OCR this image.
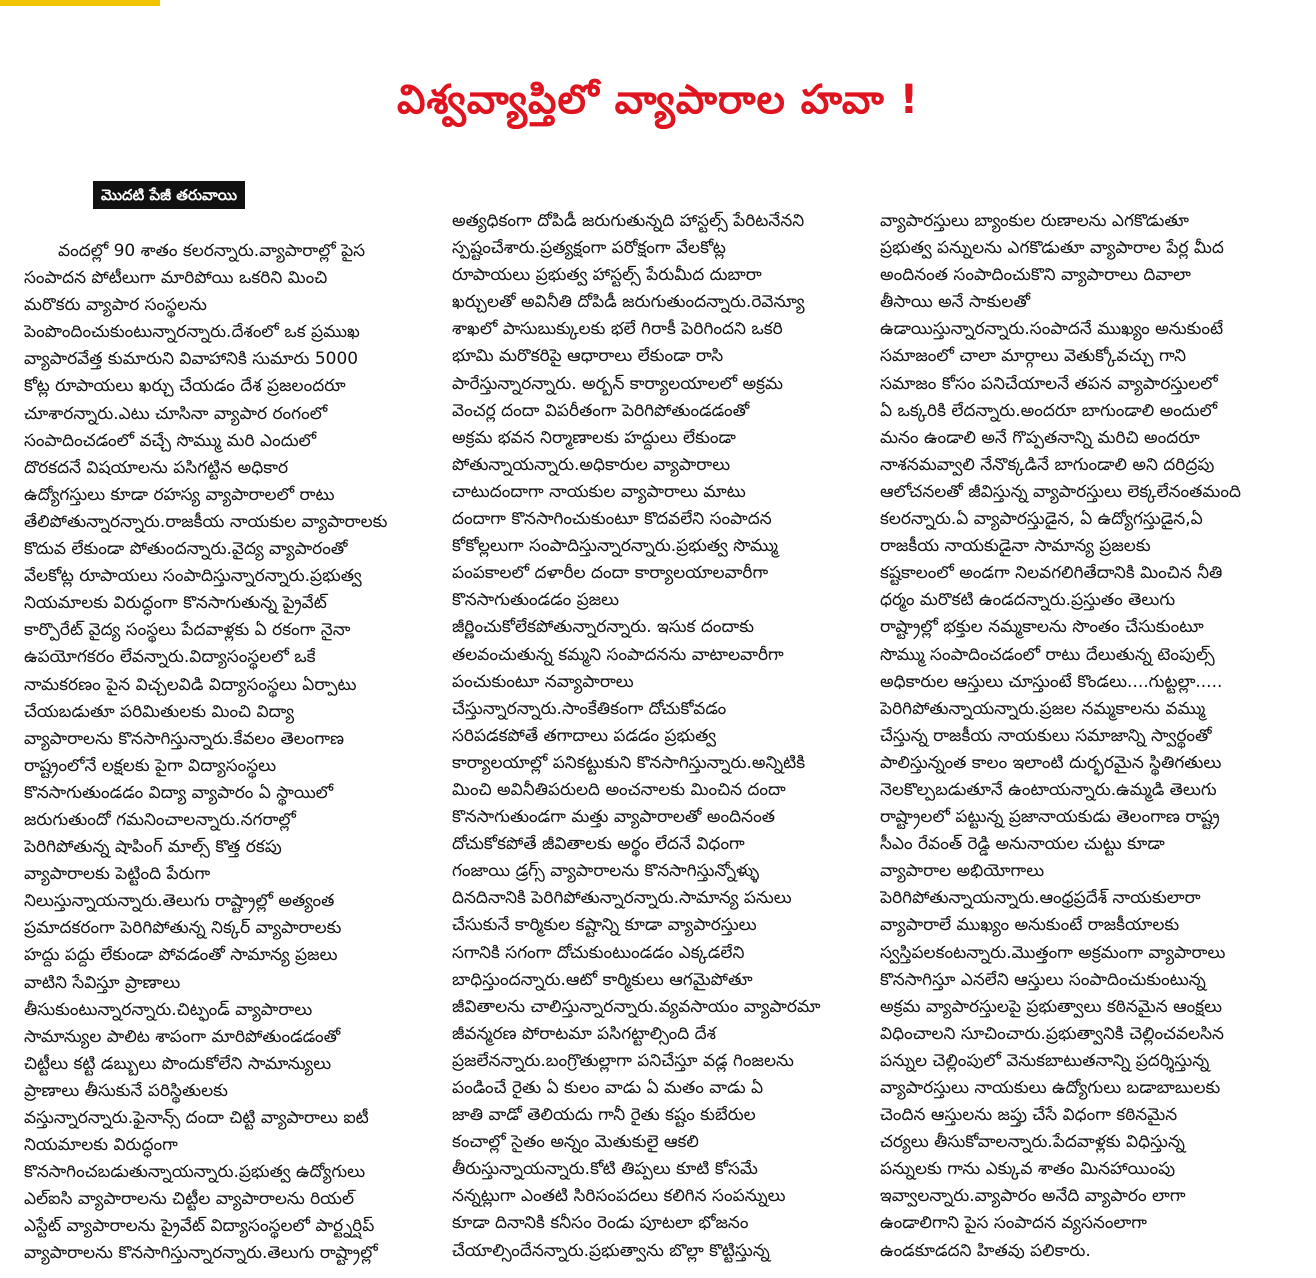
విశ్వవ్యాప్తిలో వ్యాపారాల హవా !
మొదటి పేజీ తరువాయి
వందల్లో 90 శాతం కలరన్నారు.వ్యాపారాల్లో పైస
సంపాదన పోటీలుగా మారిపోయి ఒకరిని మించి
మరొకరు వ్యాపార సంస్థలను
పెంపొందించుకుంటున్నారన్నారు.దేశంలో ఒక ప్రముఖ
వ్యాపారవేత్త కుమారుని వివాహానికి సుమారు 5000
కోట్ల రూపాయలు ఖర్చు చేయడం దేశ ప్రజలందరూ
చూశారన్నారు.ఎటు చూసినా వ్యాపార రంగంలో
సంపాదించడంలో వచ్చే సొమ్ము మరి ఎందులో
దొరకదనే విషయాలను పసిగట్టిన అధికార
ఉద్యోగస్తులు కూడా రహస్య వ్యాపారాలలో రాటు
తేలిపోతున్నారన్నారు.రాజకీయ నాయకుల వ్యాపారాలకు
కొదువ లేకుండా పోతుందన్నారు.వైద్య వ్యాపారంతో
వేలకోట్ల రూపాయలు సంపాదిస్తున్నారన్నారు.ప్రభుత్వ
నియమాలకు విరుద్ధంగా కొనసాగుతున్న ప్రైవేట్
కార్పొరేట్ వైద్య సంస్థలు పేదవాళ్లకు ఏ రకంగా నైనా
ఉపయోగకరం లేవన్నారు.విద్యాసంస్థలలో ఒకే
నామకరణం పైన విచ్చలవిడి విద్యాసంస్థలు ఏర్పాటు
చేయబడుతూ పరిమితులకు మించి విద్యా
వ్యాపారాలను కొనసాగిస్తున్నారు.కేవలం తెలంగాణ
రాష్ట్రంలోనే లక్షలకు పైగా విద్యాసంస్థలు
కొనసాగుతుండడం విద్యా వ్యాపారం ఏ స్థాయిలో
జరుగుతుందో గమనించాలన్నారు.నగరాల్లో
పెరిగిపోతున్న షాపింగ్ మాల్స్ కొత్త రకపు
వ్యాపారాలకు పెట్టింది పేరుగా
నిలుస్తున్నాయన్నారు.తెలుగు రాష్ట్రాల్లో అత్యంత
ప్రమాదకరంగా పెరిగిపోతున్న నిక్కర్ వ్యాపారాలకు
హద్దు పద్దు లేకుండా పోవడంతో సామాన్య ప్రజలు
వాటిని సేవిస్తూ ప్రాణాలు
తీసుకుంటున్నారన్నారు.చిట్ఫండ్ వ్యాపారాలు
సామాన్యుల పాలిట శాపంగా మారిపోతుండడంతో
చిట్టీలు కట్టి డబ్బులు పొందుకోలేని సామాన్యులు
ప్రాణాలు తీసుకునే పరిస్థితులకు
వస్తున్నారన్నారు.ఫైనాన్స్ దందా చిట్టి వ్యాపారాలు ఐటీ
నియమాలకు విరుద్ధంగా
కొనసాగించబడుతున్నాయన్నారు.ప్రభుత్వ ఉద్యోగులు
ఎల్ఐసి వ్యాపారాలను చిట్టీల వ్యాపారాలను రియల్
ఎస్టేట్ వ్యాపారాలను ప్రైవేట్ విద్యాసంస్థలలో పార్ట్నర్షిప్
వ్యాపారాలను కొనసాగిస్తున్నారన్నారు.తెలుగు రాష్ట్రాల్లో
అత్యధికంగా దోపిడీ జరుగుతున్నది హాస్టల్స్ పేరిటనేనని
స్పష్టంచేశారు.ప్రత్యక్షంగా పరోక్షంగా వేలకోట్ల
రూపాయలు ప్రభుత్వ హాస్టల్స్ పేరుమీద దుబారా
ఖర్చులతో అవినీతి దోపిడీ జరుగుతుందన్నారు.రెవెన్యూ
శాఖలో పాసుబుక్కులకు భలే గిరాకీ పెరిగిందని ఒకరి
భూమి మరొకరిపై ఆధారాలు లేకుండా రాసి
పారేస్తున్నారన్నారు. అర్బన్ కార్యాలయాలలో అక్రమ
వెంచర్ల దందా విపరీతంగా పెరిగిపోతుండడంతో
అక్రమ భవన నిర్మాణాలకు హద్దులు లేకుండా
పోతున్నాయన్నారు.అధికారుల వ్యాపారాలు
చాటుదందాగా నాయకుల వ్యాపారాలు మాటు
దందాగా కొనసాగించుకుంటూ కొదవలేని సంపాదన
కోకోల్లలుగా సంపాదిస్తున్నారన్నారు.ప్రభుత్వ సొమ్ము
పంపకాలలో దళారీల దందా కార్యాలయాలవారీగా
కొనసాగుతుండడం ప్రజలు
జీర్ణించుకోలేకపోతున్నారన్నారు. ఇసుక దందాకు
తలవంచుతున్న కమ్మని సంపాదనను వాటాలవారీగా
పంచుకుంటూ నవ్యాపారాలు
చేస్తున్నారన్నారు.సాంకేతికంగా దోచుకోవడం
సరిపడకపోతే తగాదాలు పడడం ప్రభుత్వ
కార్యాలయాల్లో పనికట్టుకుని కొనసాగిస్తున్నారు.అన్నిటికి
మించి అవినీతిపరులది అంచనాలకు మించిన దందా
కొనసాగుతుండగా మత్తు వ్యాపారాలతో అందినంత
దోచుకోకపోతే జీవితాలకు అర్థం లేదనే విధంగా
గంజాయి డ్రగ్స్ వ్యాపారాలను కొనసాగిస్తున్నోళ్ళు
దినదినానికి పెరిగిపోతున్నారన్నారు.సామాన్య పనులు
చేసుకునే కార్మికుల కష్టాన్ని కూడా వ్యాపారస్తులు
సగానికి సగంగా దోచుకుంటుండడం ఎక్కడలేని
బాధిస్తుందన్నారు.ఆటో కార్మికులు ఆగమైపోతూ
జీవితాలను చాలిస్తున్నారన్నారు.వ్యవసాయం వ్యాపారమా
జీవన్మరణ పోరాటమా పసిగట్టాల్సింది దేశ
ప్రజలేనన్నారు.బంగ్రొతుల్లాగా పనిచేస్తూ వడ్ల గింజలను
పండించే రైతు ఏ కులం వాడు ఏ మతం వాడు ఏ
జాతి వాడో తెలియదు గానీ రైతు కష్టం కుబేరుల
కంచాల్లో సైతం అన్నం మెతుకులై ఆకలి
తీరుస్తున్నాయన్నారు.కోటి తిప్పలు కూటి కోసమే
నన్నట్లుగా ఎంతటి సిరిసంపదలు కలిగిన సంపన్నులు
కూడా దినానికి కనీసం రెండు పూటలా భోజనం
చేయాల్సిందేనన్నారు.ప్రభుత్వాను బొల్లా కొట్టిస్తున్న
వ్యాపారస్తులు బ్యాంకుల రుణాలను ఎగకొడుతూ
ప్రభుత్వ పన్నులను ఎగకొడుతూ వ్యాపారాల పేర్ల మీద
అందినంత సంపాదించుకొని వ్యాపారాలు దివాలా
తీసాయి అనే సాకులతో
ఉడాయిస్తున్నారన్నారు.సంపాదనే ముఖ్యం అనుకుంటే
సమాజంలో చాలా మార్గాలు వెతుక్కోవచ్చు గాని
సమాజం కోసం పనిచేయాలనే తపన వ్యాపారస్తులలో
ఏ ఒక్కరికి లేదన్నారు.అందరూ బాగుండాలి అందులో
మనం ఉండాలి అనే గొప్పతనాన్ని మరిచి అందరూ
నాశనమవ్వాలి నేనొక్కడినే బాగుండాలి అని దరిద్రపు
ఆలోచనలతో జీవిస్తున్న వ్యాపారస్తులు లెక్కలేనంతమంది
కలరన్నారు.ఏ వ్యాపారస్తుడైన, ఏ ఉద్యోగస్తుడైన,ఏ
రాజకీయ నాయకుడైనా సామాన్య ప్రజలకు
కష్టకాలంలో అండగా నిలవగలిగితేదానికి మించిన నీతి
ధర్మం మరొకటి ఉండదన్నారు.ప్రస్తుతం తెలుగు
రాష్ట్రాల్లో భక్తుల నమ్మకాలను సొంతం చేసుకుంటూ
సొమ్ము సంపాదించడంలో రాటు దేలుతున్న టెంపుల్స్
అధికారుల ఆస్తులు చూస్తుంటే కొండలు....గుట్టల్లా.....
పెరిగిపోతున్నాయన్నారు.ప్రజల నమ్మకాలను వమ్ము
చేస్తున్న రాజకీయ నాయకులు సమాజాన్ని స్వార్థంతో
పాలిస్తున్నంత కాలం ఇలాంటి దుర్భరమైన స్థితిగతులు
నెలకొల్పబడుతూనే ఉంటాయన్నారు.ఉమ్మడి తెలుగు
రాష్ట్రాలలో పట్టున్న ప్రజానాయకుడు తెలంగాణ రాష్ట్ర
సీఎం రేవంత్ రెడ్డి అనునాయల చుట్టు కూడా
వ్యాపారాల అభియోగాలు
పెరిగిపోతున్నాయన్నారు.ఆంధ్రప్రదేశ్ నాయకులారా
వ్యాపారాలే ముఖ్యం అనుకుంటే రాజకీయాలకు
స్వస్తిపలకంటన్నారు.మొత్తంగా అక్రమంగా వ్యాపారాలు
కొనసాగిస్తూ ఎనలేని ఆస్తులు సంపాదించుకుంటున్న
అక్రమ వ్యాపారస్తులపై ప్రభుత్వాలు కఠినమైన ఆంక్షలు
విధించాలని సూచించారు.ప్రభుత్వానికి చెల్లించవలసిన
పన్నుల చెల్లింపులో వెనుకబాటుతనాన్ని ప్రదర్శిస్తున్న
వ్యాపారస్తులు నాయకులు ఉద్యోగులు బడాబాబులకు
చెందిన ఆస్తులను జప్తు చేసే విధంగా కఠినమైన
చర్యలు తీసుకోవాలన్నారు.పేదవాళ్లకు విధిస్తున్న
పన్నులకు గాను ఎక్కువ శాతం మినహాయింపు
ఇవ్వాలన్నారు.వ్యాపారం అనేది వ్యాపారం లాగా
ఉండాలిగాని పైస సంపాదన వ్యసనంలాగా
ఉండకూడదని హితవు పలికారు.
